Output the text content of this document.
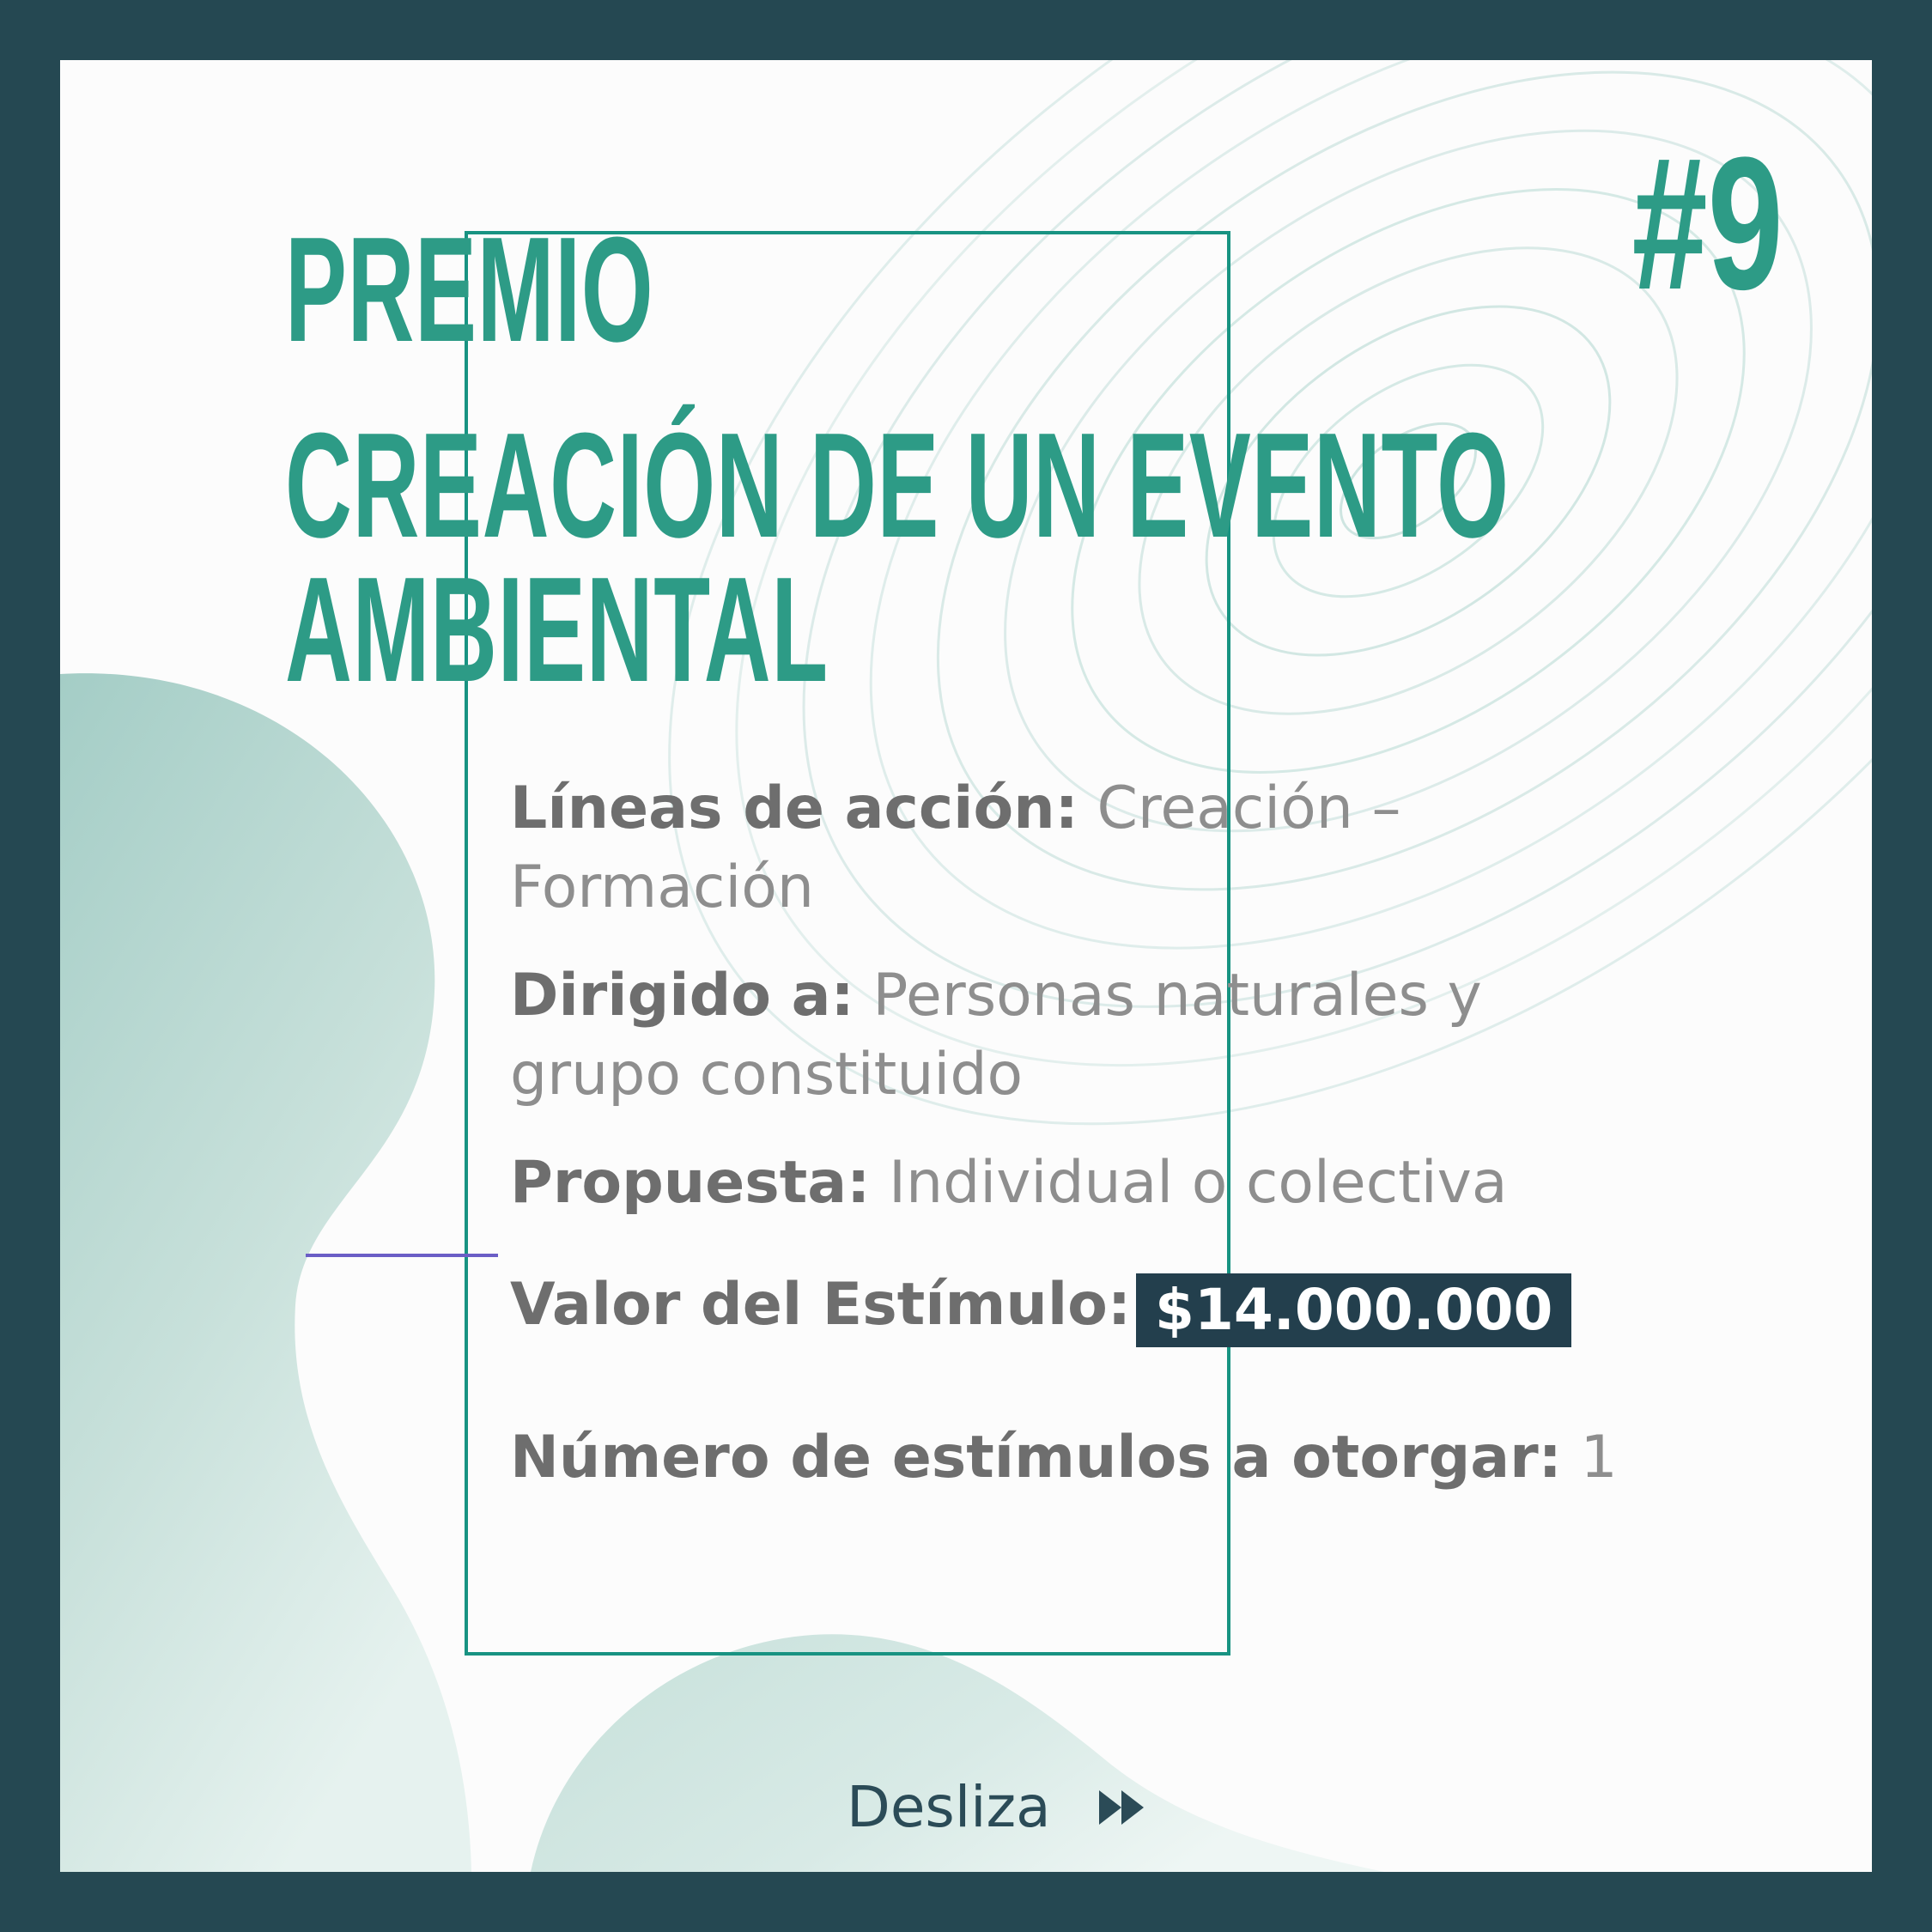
PREMIO
CREACIÓN DE UN EVENTO
AMBIENTAL
#9

Líneas de acción: Creación – Formación

Dirigido a: Personas naturales y grupo constituido

Propuesta: Individual o colectiva

Valor del Estímulo: $14.000.000

Número de estímulos a otorgar: 1

Desliza
